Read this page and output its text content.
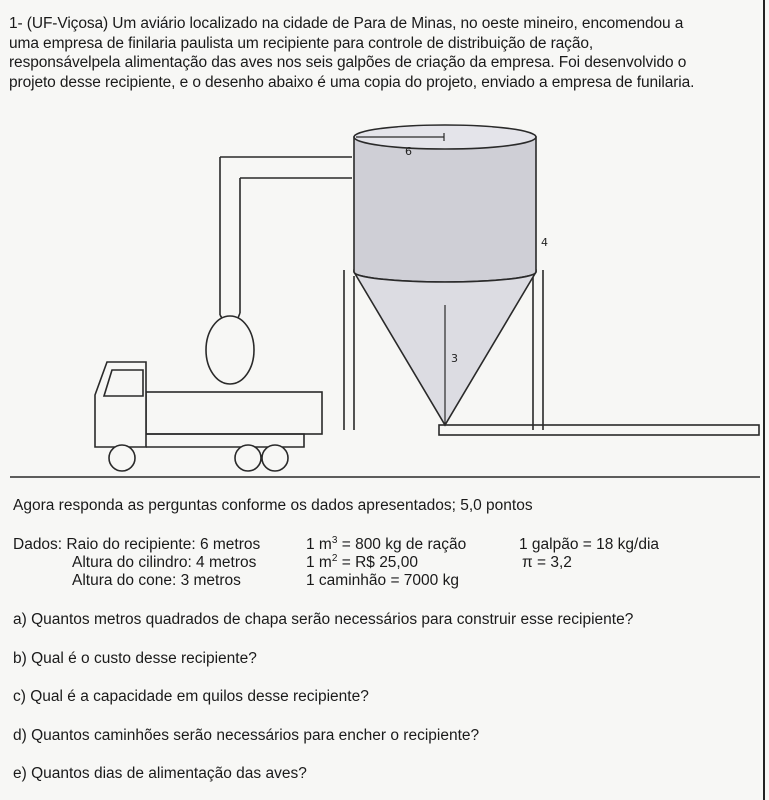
1- (UF-Viçosa) Um aviário localizado na cidade de Para de Minas, no oeste mineiro, encomendou a
uma empresa de finilaria paulista um recipiente para controle de distribuição de ração,
responsávelpela alimentação das aves nos seis galpões de criação da empresa. Foi desenvolvido o
projeto desse recipiente, e o desenho abaixo é uma copia do projeto, enviado a empresa de funilaria.
6
4
3
Agora responda as perguntas conforme os dados apresentados; 5,0 pontos
Dados: Raio do recipiente: 6 metros
Altura do cilindro: 4 metros
Altura do cone: 3 metros
1 $m^3 = 800$ kg de ração
1 $m^2$ = R$ 25,00
1 caminhão = 7000 kg
1 galpão = 18 kg/dia
π = 3,2
a) Quantos metros quadrados de chapa serão necessários para construir esse recipiente?
b) Qual é o custo desse recipiente?
c) Qual é a capacidade em quilos desse recipiente?
d) Quantos caminhões serão necessários para encher o recipiente?
e) Quantos dias de alimentação das aves?
